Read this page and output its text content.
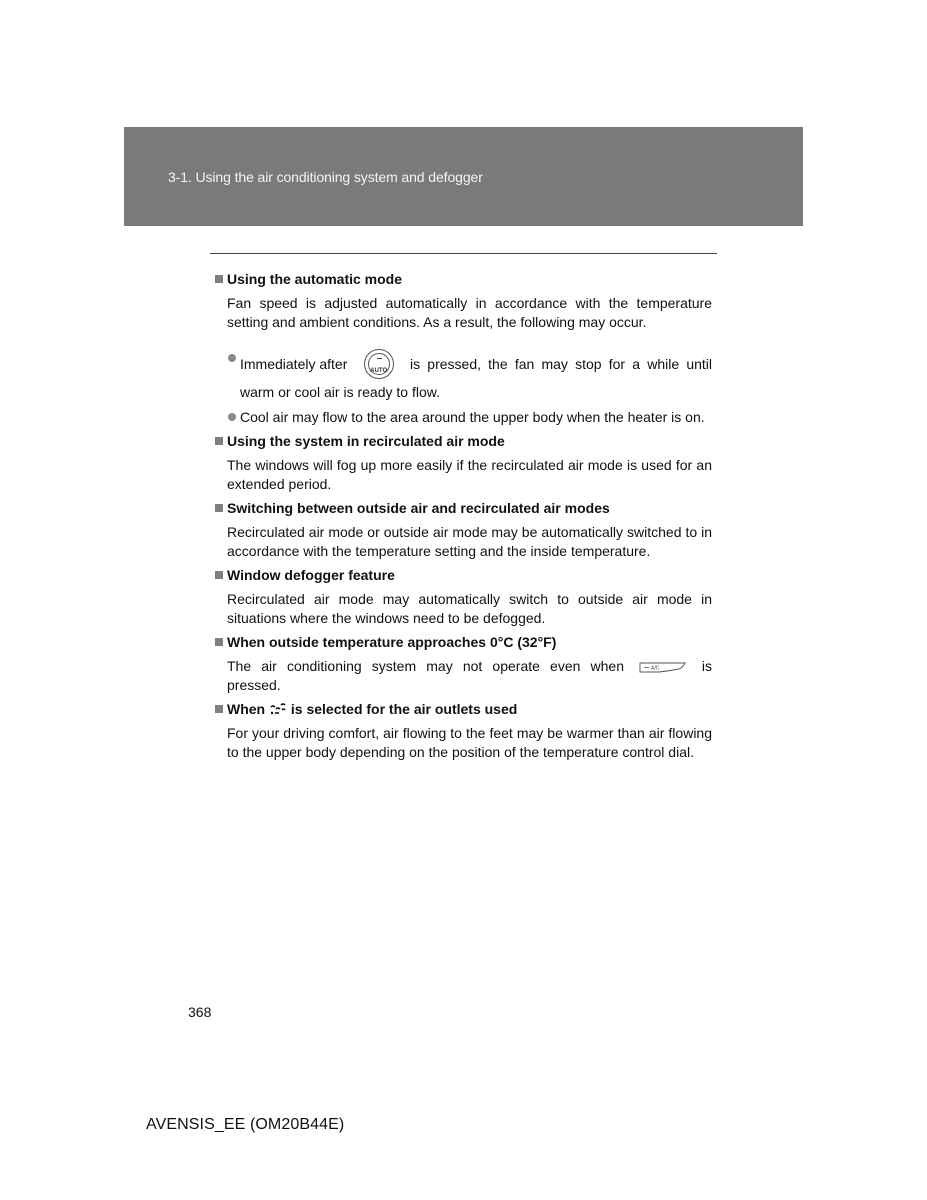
3-1. Using the air conditioning system and defogger

Using the automatic mode

Fan speed is adjusted automatically in accordance with the temperature setting and ambient conditions. As a result, the following may occur.

Immediately after	AUTO	is pressed, the fan may stop for a while until
warm or cool air is ready to flow.
Cool air may flow to the area around the upper body when the heater is on.

Using the system in recirculated air mode

The windows will fog up more easily if the recirculated air mode is used for an extended period.

Switching between outside air and recirculated air modes

Recirculated air mode or outside air mode may be automatically switched to in accordance with the temperature setting and the inside temperature.

Window defogger feature

Recirculated air mode may automatically switch to outside air mode in situations where the windows need to be defogged.

When outside temperature approaches 0°C (32°F)

The air conditioning system may not operate even when	A/C	is
pressed.

When is selected for the air outlets used

For your driving comfort, air flowing to the feet may be warmer than air flowing to the upper body depending on the position of the temperature control dial.

368
AVENSIS_EE (OM20B44E)
